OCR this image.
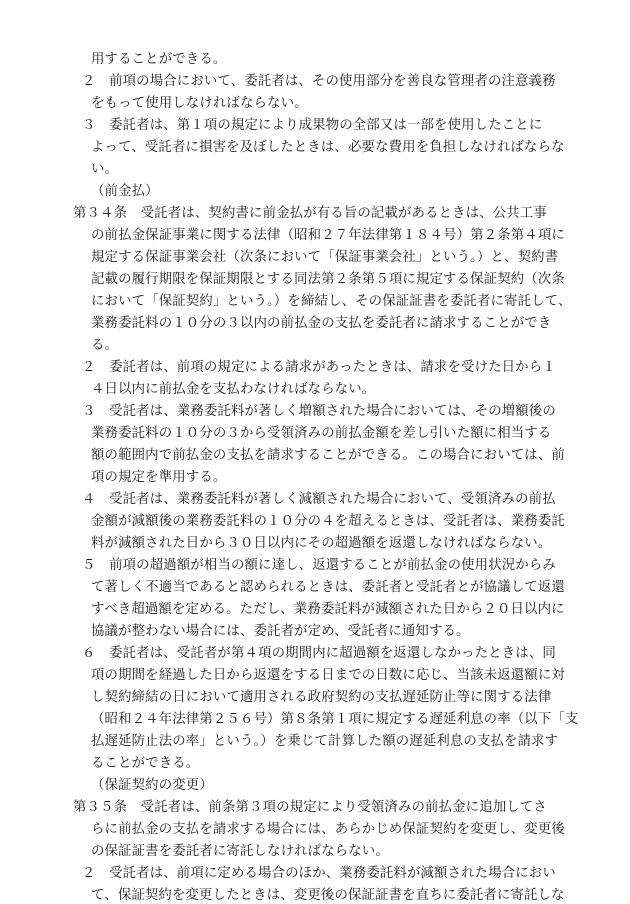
用することができる。
２　前項の場合において、委託者は、その使用部分を善良な管理者の注意義務
をもって使用しなければならない。
３　委託者は、第１項の規定により成果物の全部又は一部を使用したことに
よって、受託者に損害を及ぼしたときは、必要な費用を負担しなければならな
い。
（前金払）
第３４条　受託者は、契約書に前金払が有る旨の記載があるときは、公共工事
の前払金保証事業に関する法律（昭和２７年法律第１８４号）第２条第４項に
規定する保証事業会社（次条において「保証事業会社」という。）と、契約書
記載の履行期限を保証期限とする同法第２条第５項に規定する保証契約（次条
において「保証契約」という。）を締結し、その保証証書を委託者に寄託して、
業務委託料の１０分の３以内の前払金の支払を委託者に請求することができ
る。
２　委託者は、前項の規定による請求があったときは、請求を受けた日から１
４日以内に前払金を支払わなければならない。
３　受託者は、業務委託料が著しく増額された場合においては、その増額後の
業務委託料の１０分の３から受領済みの前払金額を差し引いた額に相当する
額の範囲内で前払金の支払を請求することができる。この場合においては、前
項の規定を準用する。
４　受託者は、業務委託料が著しく減額された場合において、受領済みの前払
金額が減額後の業務委託料の１０分の４を超えるときは、受託者は、業務委託
料が減額された日から３０日以内にその超過額を返還しなければならない。
５　前項の超過額が相当の額に達し、返還することが前払金の使用状況からみ
て著しく不適当であると認められるときは、委託者と受託者とが協議して返還
すべき超過額を定める。ただし、業務委託料が減額された日から２０日以内に
協議が整わない場合には、委託者が定め、受託者に通知する。
６　委託者は、受託者が第４項の期間内に超過額を返還しなかったときは、同
項の期間を経過した日から返還をする日までの日数に応じ、当該未返還額に対
し契約締結の日において適用される政府契約の支払遅延防止等に関する法律
（昭和２４年法律第２５６号）第８条第１項に規定する遅延利息の率（以下「支
払遅延防止法の率」という。）を乗じて計算した額の遅延利息の支払を請求す
ることができる。
（保証契約の変更）
第３５条　受託者は、前条第３項の規定により受領済みの前払金に追加してさ
らに前払金の支払を請求する場合には、あらかじめ保証契約を変更し、変更後
の保証証書を委託者に寄託しなければならない。
２　受託者は、前項に定める場合のほか、業務委託料が減額された場合におい
て、保証契約を変更したときは、変更後の保証証書を直ちに委託者に寄託しな
